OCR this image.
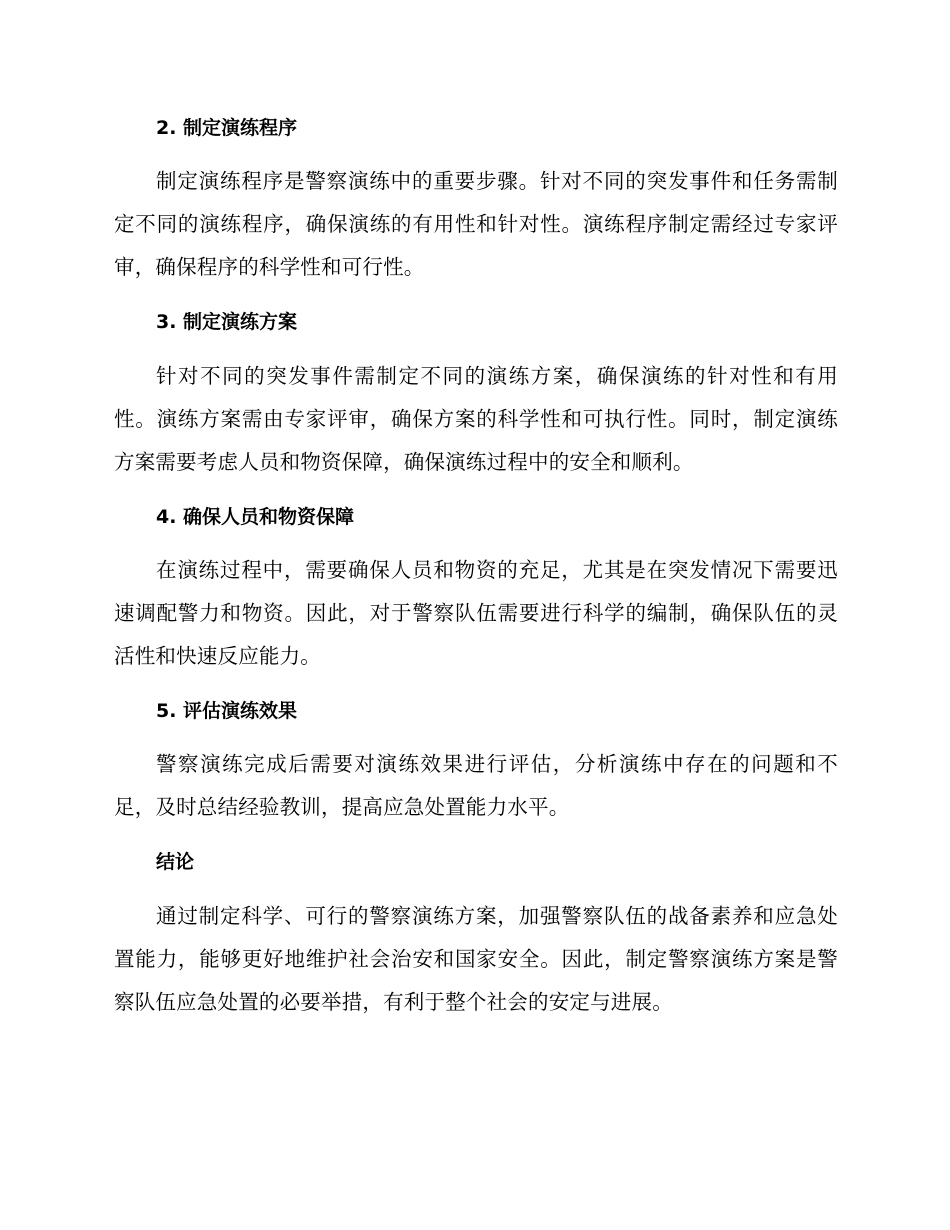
2. 制定演练程序
制定演练程序是警察演练中的重要步骤。针对不同的突发事件和任务需制定不同的演练程序，确保演练的有用性和针对性。演练程序制定需经过专家评审，确保程序的科学性和可行性。
3. 制定演练方案
针对不同的突发事件需制定不同的演练方案，确保演练的针对性和有用性。演练方案需由专家评审，确保方案的科学性和可执行性。同时，制定演练方案需要考虑人员和物资保障，确保演练过程中的安全和顺利。
4. 确保人员和物资保障
在演练过程中，需要确保人员和物资的充足，尤其是在突发情况下需要迅速调配警力和物资。因此，对于警察队伍需要进行科学的编制，确保队伍的灵活性和快速反应能力。
5. 评估演练效果
警察演练完成后需要对演练效果进行评估，分析演练中存在的问题和不足，及时总结经验教训，提高应急处置能力水平。
结论
通过制定科学、可行的警察演练方案，加强警察队伍的战备素养和应急处置能力，能够更好地维护社会治安和国家安全。因此，制定警察演练方案是警察队伍应急处置的必要举措，有利于整个社会的安定与进展。
